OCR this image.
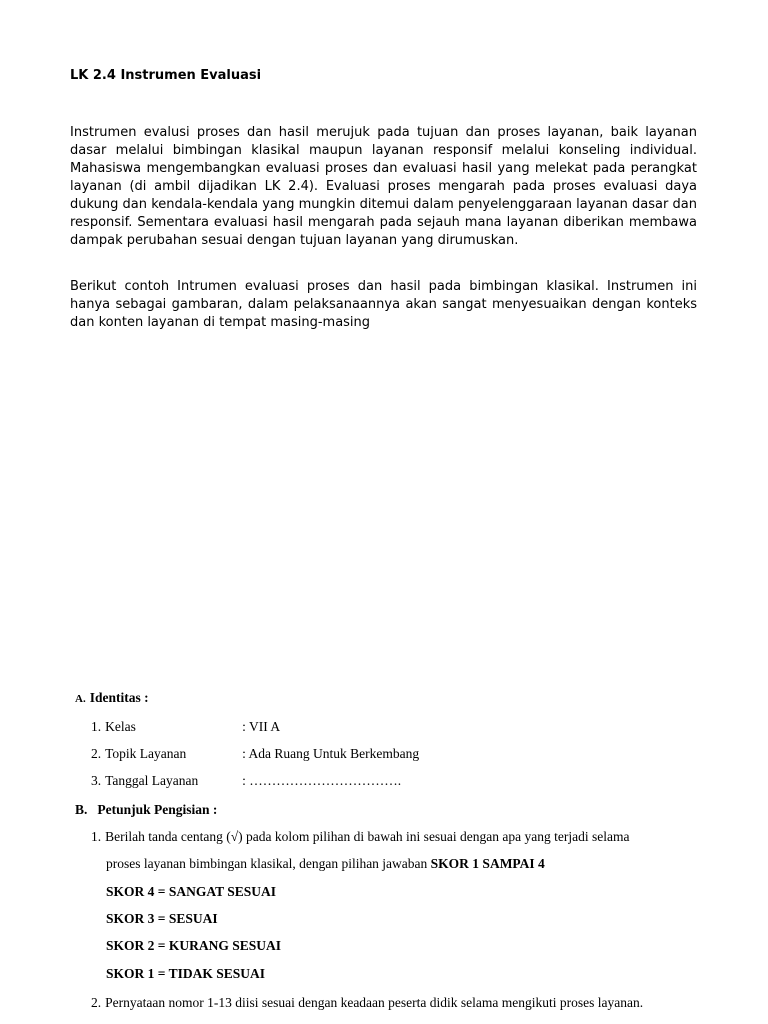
LK 2.4 Instrumen Evaluasi

Instrumen evalusi proses dan hasil merujuk pada tujuan dan proses layanan, baik layanan dasar melalui bimbingan klasikal maupun layanan responsif melalui konseling individual. Mahasiswa mengembangkan evaluasi proses dan evaluasi hasil yang melekat pada perangkat layanan (di ambil dijadikan LK 2.4). Evaluasi proses mengarah pada proses evaluasi daya dukung dan kendala-kendala yang mungkin ditemui dalam penyelenggaraan layanan dasar dan responsif. Sementara evaluasi hasil mengarah pada sejauh mana layanan diberikan membawa dampak perubahan sesuai dengan tujuan layanan yang dirumuskan.

Berikut contoh Intrumen evaluasi proses dan hasil pada bimbingan klasikal. Instrumen ini hanya sebagai gambaran, dalam pelaksanaannya akan sangat menyesuaikan dengan konteks dan konten layanan di tempat masing-masing

A. Identitas :
1. Kelas	: VII A
2. Topik Layanan	: Ada Ruang Untuk Berkembang
3. Tanggal Layanan	: …………………………….
B. Petunjuk Pengisian :

1. Berilah tanda centang (√) pada kolom pilihan di bawah ini sesuai dengan apa yang terjadi selama

proses layanan bimbingan klasikal, dengan pilihan jawaban SKOR 1 SAMPAI 4

SKOR 4 = SANGAT SESUAI

SKOR 3 = SESUAI

SKOR 2 = KURANG SESUAI

SKOR 1 = TIDAK SESUAI

2. Pernyataan nomor 1-13 diisi sesuai dengan keadaan peserta didik selama mengikuti proses layanan.
